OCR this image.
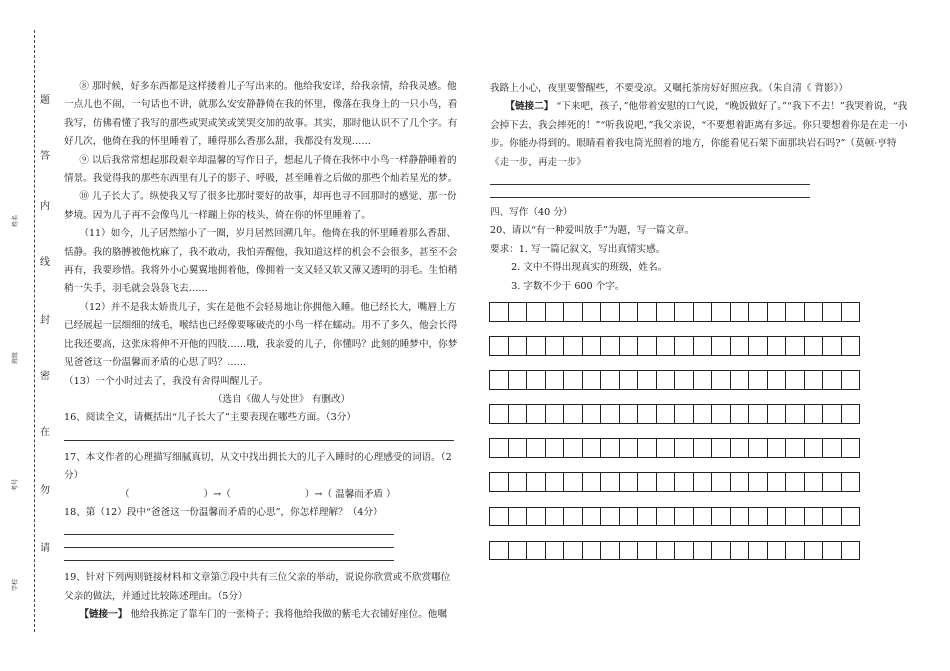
题
答
内
线
封
密
在
勿
请
姓名
班级
考号
学校

⑧ 那时候，好多东西都是这样搂着儿子写出来的。他给我安详，给我亲情，给我灵感。他一点儿也不闹，一句话也不讲，就那么安安静静倚在我的怀里，像落在我身上的一只小鸟，看我写，仿佛看懂了我写的那些或哭或笑或笑哭交加的故事。其实，那时他认识不了几个字。有好几次，他倚在我的怀里睡着了，睡得那么香那么甜，我都没有发现……

⑨ 以后我常常想起那段艰辛却温馨的写作日子，想起儿子倚在我怀中小鸟一样静静睡着的情景。我觉得我的那些东西里有儿子的影子、呼吸，甚至睡着之后做的那些个灿若星光的梦。

⑩ 儿子长大了。纵使我又写了很多比那时要好的故事，却再也寻不回那时的感觉、那一份梦境。因为儿子再不会像鸟儿一样蹦上你的枝头，倚在你的怀里睡着了。

（11）如今，儿子居然缩小了一圈，岁月居然回溯几年。他倚在我的怀里睡着那么香甜、恬静。我的胳膊被他枕麻了，我不敢动，我怕弄醒他，我知道这样的机会不会很多，甚至不会再有，我要珍惜。我将外小心翼翼地拥着他，像拥着一支又轻又软又薄又透明的羽毛。生怕稍稍一失手，羽毛就会袅袅飞去……

（12）并不是我太娇贵儿子，实在是他不会轻易地让你拥他入睡。他已经长大，嘴唇上方已经展起一层细细的绒毛，喉结也已经像要啄破壳的小鸟一样在蠕动。用不了多久，他会长得比我还要高，这张床将伸不开他的四肢……哦，我亲爱的儿子，你懂吗？此刻的睡梦中，你梦见爸爸这一份温馨而矛盾的心思了吗？……

（13）一个小时过去了，我没有舍得叫醒儿子。

（选自《做人与处世》 有删改）

16、阅读全文，请概括出“儿子长大了”主要表现在哪些方面。（3分）

17、本文作者的心理描写细腻真切，从文中找出拥长大的儿子入睡时的心理感受的词语。（2分）

（	）→（	）→（ 温馨而矛盾 ）

18、第（12）段中“爸爸这一份温馨而矛盾的心思”，你怎样理解？（4分）

19、针对下列两则链接材料和文章第⑦段中共有三位父亲的举动，说说你欣赏或不欣赏哪位父亲的做法，并通过比较陈述理由。（5分）

【链接一】 他给我拣定了靠车门的一张椅子；我将他给我做的紫毛大衣铺好座位。他嘱

我路上小心，夜里要警醒些，不要受凉。又嘱托茶房好好照应我。（朱自清《 背影》）

【链接二】 “下来吧，孩子，”他带着安慰的口气说，“晚饭做好了。”“我下不去！”我哭着说，“我会掉下去，我会摔死的！”“听我说吧，”我父亲说，“不要想着距离有多远。你只要想着你是在走一小步。你能办得到的。眼睛看着我电筒光照着的地方，你能看见石架下面那块岩石吗?”（莫顿·亨特《走一步，再走一步》

四、写作（40 分）

20、请以“有一种爱叫放手”为题，写一篇文章。

要求：1. 写一篇记叙文，写出真情实感。

2. 文中不得出现真实的班级，姓名。

3. 字数不少于 600 个字。
